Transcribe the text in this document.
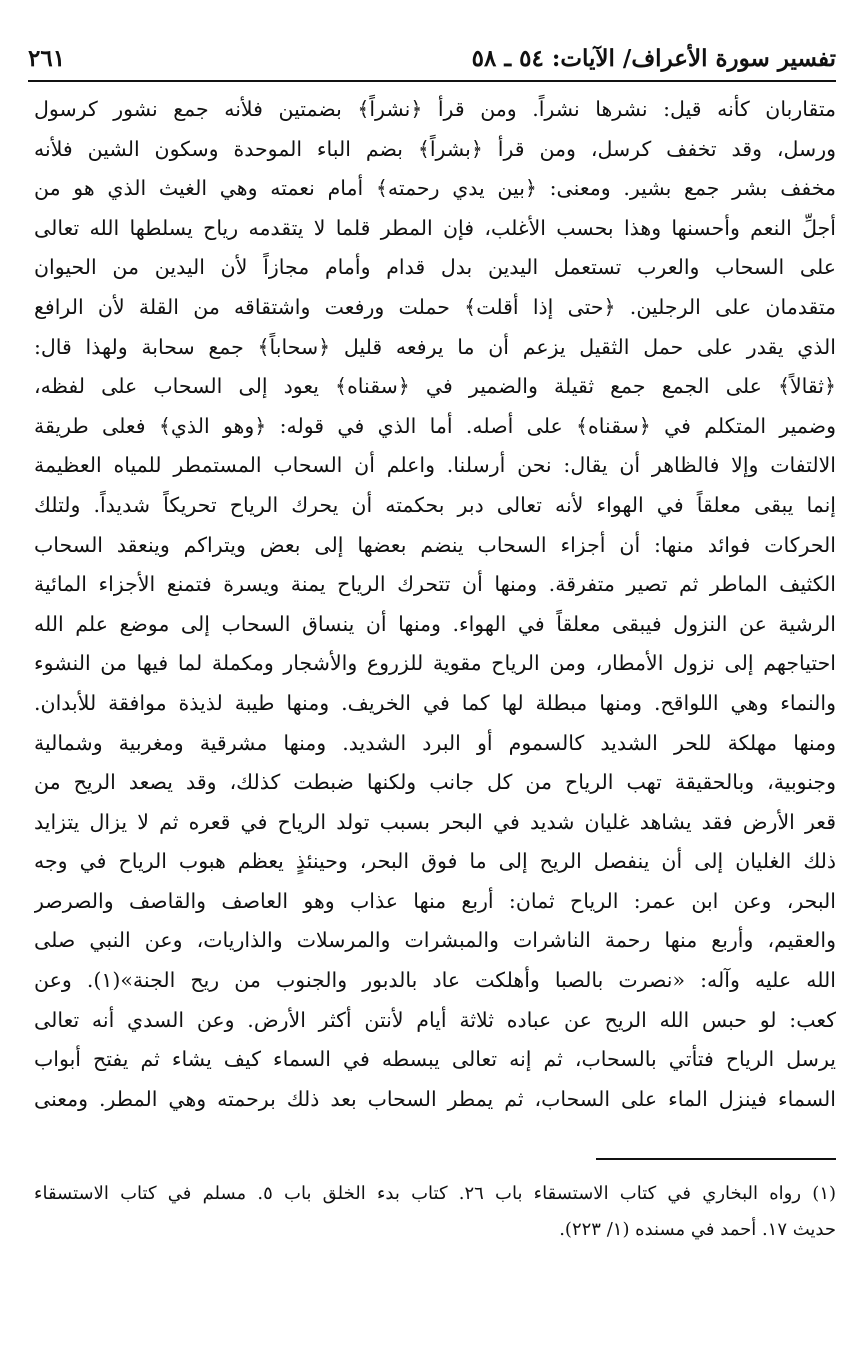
تفسير سورة الأعراف/ الآيات: ٥٤ ـ ٥٨
٢٦١
متقاربان كأنه قيل: نشرها نشراً. ومن قرأ ﴿نشراً﴾ بضمتين فلأنه جمع نشور كرسول
ورسل، وقد تخفف كرسل، ومن قرأ ﴿بشراً﴾ بضم الباء الموحدة وسكون الشين فلأنه
مخفف بشر جمع بشير. ومعنى: ﴿بين يدي رحمته﴾ أمام نعمته وهي الغيث الذي هو من
أجلِّ النعم وأحسنها وهذا بحسب الأغلب، فإن المطر قلما لا يتقدمه رياح يسلطها الله تعالى
على السحاب والعرب تستعمل اليدين بدل قدام وأمام مجازاً لأن اليدين من الحيوان
متقدمان على الرجلين. ﴿حتى إذا أقلت﴾ حملت ورفعت واشتقاقه من القلة لأن الرافع
الذي يقدر على حمل الثقيل يزعم أن ما يرفعه قليل ﴿سحاباً﴾ جمع سحابة ولهذا قال:
﴿ثقالاً﴾ على الجمع جمع ثقيلة والضمير في ﴿سقناه﴾ يعود إلى السحاب على لفظه،
وضمير المتكلم في ﴿سقناه﴾ على أصله. أما الذي في قوله: ﴿وهو الذي﴾ فعلى طريقة
الالتفات وإلا فالظاهر أن يقال: نحن أرسلنا. واعلم أن السحاب المستمطر للمياه العظيمة
إنما يبقى معلقاً في الهواء لأنه تعالى دبر بحكمته أن يحرك الرياح تحريكاً شديداً. ولتلك
الحركات فوائد منها: أن أجزاء السحاب ينضم بعضها إلى بعض ويتراكم وينعقد السحاب
الكثيف الماطر ثم تصير متفرقة. ومنها أن تتحرك الرياح يمنة ويسرة فتمنع الأجزاء المائية
الرشية عن النزول فيبقى معلقاً في الهواء. ومنها أن ينساق السحاب إلى موضع علم الله
احتياجهم إلى نزول الأمطار، ومن الرياح مقوية للزروع والأشجار ومكملة لما فيها من النشوء
والنماء وهي اللواقح. ومنها مبطلة لها كما في الخريف. ومنها طيبة لذيذة موافقة للأبدان.
ومنها مهلكة للحر الشديد كالسموم أو البرد الشديد. ومنها مشرقية ومغربية وشمالية
وجنوبية، وبالحقيقة تهب الرياح من كل جانب ولكنها ضبطت كذلك، وقد يصعد الريح من
قعر الأرض فقد يشاهد غليان شديد في البحر بسبب تولد الرياح في قعره ثم لا يزال يتزايد
ذلك الغليان إلى أن ينفصل الريح إلى ما فوق البحر، وحينئذٍ يعظم هبوب الرياح في وجه
البحر، وعن ابن عمر: الرياح ثمان: أربع منها عذاب وهو العاصف والقاصف والصرصر
والعقيم، وأربع منها رحمة الناشرات والمبشرات والمرسلات والذاريات، وعن النبي صلى
الله عليه وآله: «نصرت بالصبا وأهلكت عاد بالدبور والجنوب من ريح الجنة»(١). وعن
كعب: لو حبس الله الريح عن عباده ثلاثة أيام لأنتن أكثر الأرض. وعن السدي أنه تعالى
يرسل الرياح فتأتي بالسحاب، ثم إنه تعالى يبسطه في السماء كيف يشاء ثم يفتح أبواب
السماء فينزل الماء على السحاب، ثم يمطر السحاب بعد ذلك برحمته وهي المطر. ومعنى
(١) رواه البخاري في كتاب الاستسقاء باب ٢٦. كتاب بدء الخلق باب ٥. مسلم في كتاب الاستسقاء
حديث ١٧. أحمد في مسنده (١/ ٢٢٣).
